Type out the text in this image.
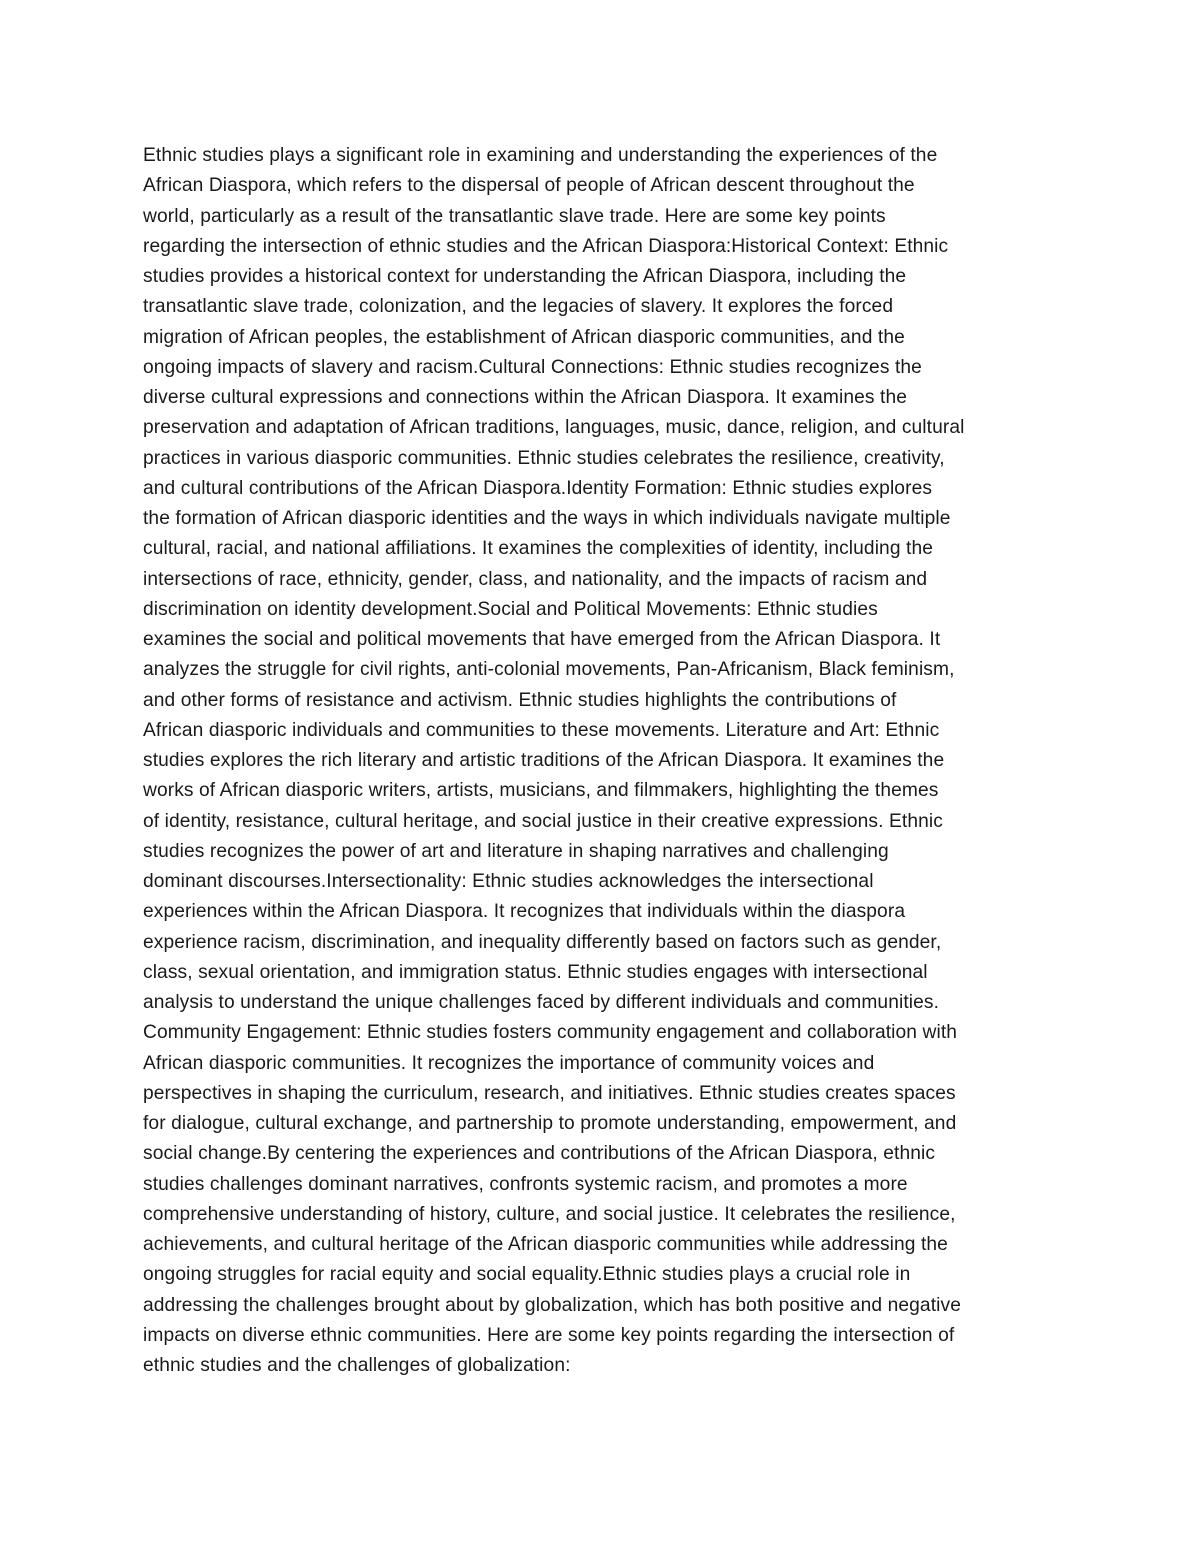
Ethnic studies plays a significant role in examining and understanding the experiences of the
African Diaspora, which refers to the dispersal of people of African descent throughout the
world, particularly as a result of the transatlantic slave trade. Here are some key points
regarding the intersection of ethnic studies and the African Diaspora:Historical Context: Ethnic
studies provides a historical context for understanding the African Diaspora, including the
transatlantic slave trade, colonization, and the legacies of slavery. It explores the forced
migration of African peoples, the establishment of African diasporic communities, and the
ongoing impacts of slavery and racism.Cultural Connections: Ethnic studies recognizes the
diverse cultural expressions and connections within the African Diaspora. It examines the
preservation and adaptation of African traditions, languages, music, dance, religion, and cultural
practices in various diasporic communities. Ethnic studies celebrates the resilience, creativity,
and cultural contributions of the African Diaspora.Identity Formation: Ethnic studies explores
the formation of African diasporic identities and the ways in which individuals navigate multiple
cultural, racial, and national affiliations. It examines the complexities of identity, including the
intersections of race, ethnicity, gender, class, and nationality, and the impacts of racism and
discrimination on identity development.Social and Political Movements: Ethnic studies
examines the social and political movements that have emerged from the African Diaspora. It
analyzes the struggle for civil rights, anti-colonial movements, Pan-Africanism, Black feminism,
and other forms of resistance and activism. Ethnic studies highlights the contributions of
African diasporic individuals and communities to these movements. Literature and Art: Ethnic
studies explores the rich literary and artistic traditions of the African Diaspora. It examines the
works of African diasporic writers, artists, musicians, and filmmakers, highlighting the themes
of identity, resistance, cultural heritage, and social justice in their creative expressions. Ethnic
studies recognizes the power of art and literature in shaping narratives and challenging
dominant discourses.Intersectionality: Ethnic studies acknowledges the intersectional
experiences within the African Diaspora. It recognizes that individuals within the diaspora
experience racism, discrimination, and inequality differently based on factors such as gender,
class, sexual orientation, and immigration status. Ethnic studies engages with intersectional
analysis to understand the unique challenges faced by different individuals and communities.
Community Engagement: Ethnic studies fosters community engagement and collaboration with
African diasporic communities. It recognizes the importance of community voices and
perspectives in shaping the curriculum, research, and initiatives. Ethnic studies creates spaces
for dialogue, cultural exchange, and partnership to promote understanding, empowerment, and
social change.By centering the experiences and contributions of the African Diaspora, ethnic
studies challenges dominant narratives, confronts systemic racism, and promotes a more
comprehensive understanding of history, culture, and social justice. It celebrates the resilience,
achievements, and cultural heritage of the African diasporic communities while addressing the
ongoing struggles for racial equity and social equality.Ethnic studies plays a crucial role in
addressing the challenges brought about by globalization, which has both positive and negative
impacts on diverse ethnic communities. Here are some key points regarding the intersection of
ethnic studies and the challenges of globalization:
